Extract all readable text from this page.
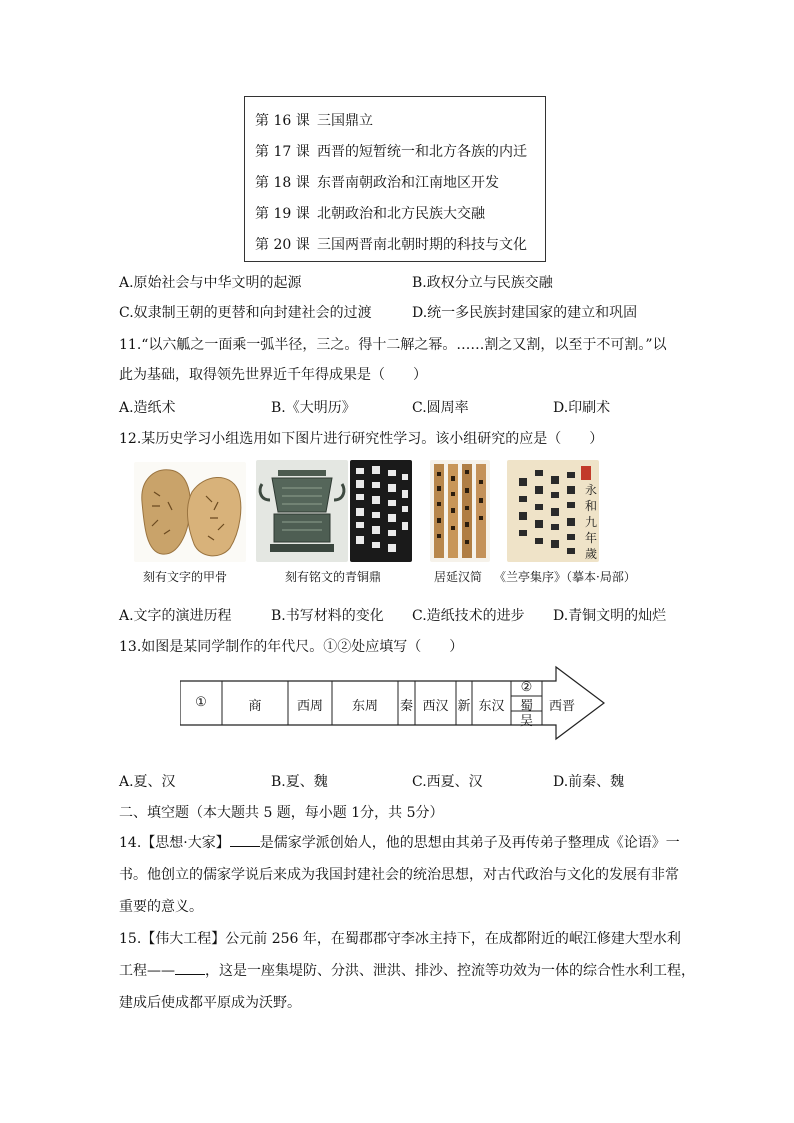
第 16 课 三国鼎立
第 17 课 西晋的短暂统一和北方各族的内迁
第 18 课 东晋南朝政治和江南地区开发
第 19 课 北朝政治和北方民族大交融
第 20 课 三国两晋南北朝时期的科技与文化
A.原始社会与中华文明的起源	B.政权分立与民族交融
C.奴隶制王朝的更替和向封建社会的过渡	D.统一多民族封建国家的建立和巩固
11.“以六觚之一面乘一弧半径，三之。得十二解之幂。……割之又割，以至于不可割。”以
此为基础，取得领先世界近千年得成果是（　　）
A.造纸术	B.《大明历》	C.圆周率	D.印刷术
12.某历史学习小组选用如下图片进行研究性学习。该小组研究的应是（　　）
刻有文字的甲骨	刻有铭文的青铜鼎	居延汉简
永
和
九
年
歲
《兰亭集序》（摹本·局部）
A.文字的演进历程	B.书写材料的变化 C.造纸技术的进步 D.青铜文明的灿烂
13.如图是某同学制作的年代尺。①②处应填写（　　）
①	商	西周	东周	秦 西汉 新 东汉
②
蜀
吴
西晋
A.夏、汉	B.夏、魏	C.西夏、汉	D.前秦、魏
二、填空题（本大题共 5 题，每小题 1分，共 5分）
14.【思想·大家】 是儒家学派创始人，他的思想由其弟子及再传弟子整理成《论语》一
书。他创立的儒家学说后来成为我国封建社会的统治思想，对古代政治与文化的发展有非常
重要的意义。
15.【伟大工程】公元前 256 年，在蜀郡郡守李冰主持下，在成都附近的岷江修建大型水利
工程—— ，这是一座集堤防、分洪、泄洪、排沙、控流等功效为一体的综合性水利工程，
建成后使成都平原成为沃野。
